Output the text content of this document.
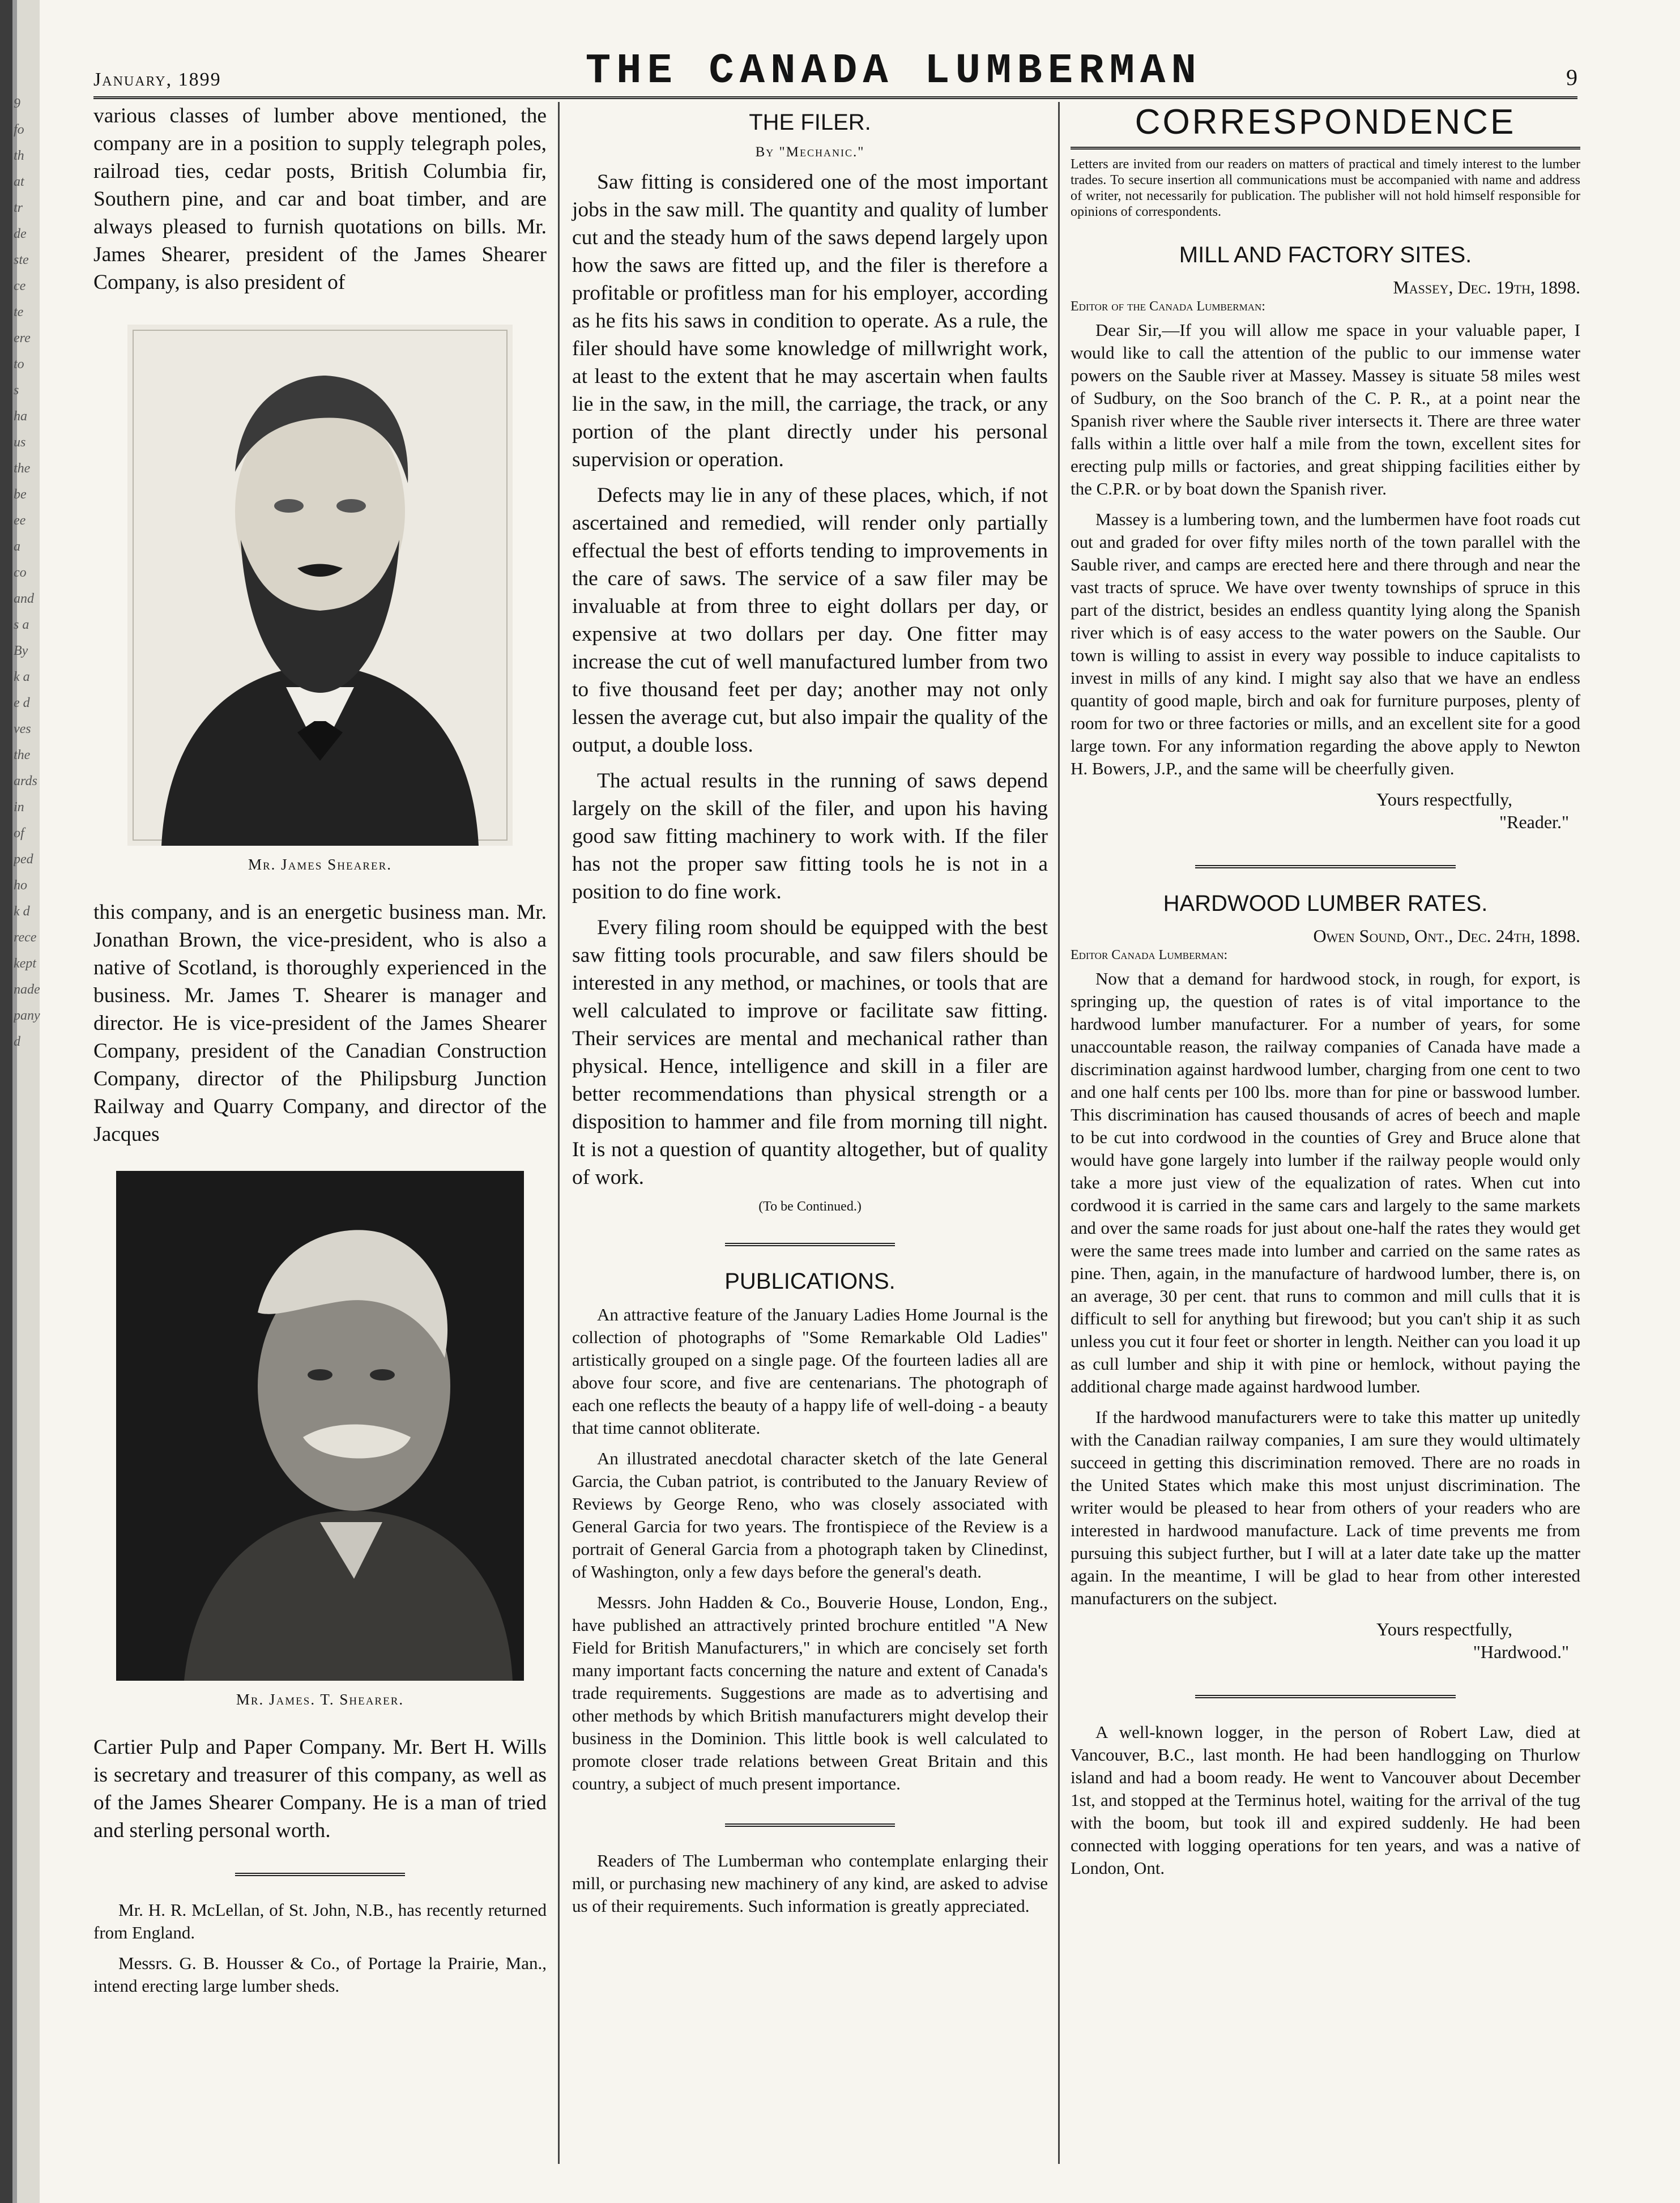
9
fo
th
at
tr
de
ste
ce
te
ere
to
s
ha
us
the
be
ee
a
co
and
s a
By
k a
e d
ves
the
ards
in
of
ped
ho
k d
rece
kept
nade
pany
d
January, 1899	THE CANADA LUMBERMAN	9

various classes of lumber above mentioned, the company are in a position to supply telegraph poles, railroad ties, cedar posts, British Columbia fir, Southern pine, and car and boat timber, and are always pleased to furnish quotations on bills. Mr. James Shearer, president of the James Shearer Company, is also president of

Mr. James Shearer.

this company, and is an energetic business man. Mr. Jonathan Brown, the vice-president, who is also a native of Scotland, is thoroughly experienced in the business. Mr. James T. Shearer is manager and director. He is vice-president of the James Shearer Company, president of the Canadian Construction Company, director of the Philipsburg Junction Railway and Quarry Company, and director of the Jacques

Mr. James. T. Shearer.

Cartier Pulp and Paper Company. Mr. Bert H. Wills is secretary and treasurer of this company, as well as of the James Shearer Company. He is a man of tried and sterling personal worth.

Mr. H. R. McLellan, of St. John, N.B., has recently returned from England.

Messrs. G. B. Housser & Co., of Portage la Prairie, Man., intend erecting large lumber sheds.

THE FILER.
By "Mechanic."

Saw fitting is considered one of the most important jobs in the saw mill. The quantity and quality of lumber cut and the steady hum of the saws depend largely upon how the saws are fitted up, and the filer is therefore a profitable or profitless man for his employer, according as he fits his saws in condition to operate. As a rule, the filer should have some knowledge of millwright work, at least to the extent that he may ascertain when faults lie in the saw, in the mill, the carriage, the track, or any portion of the plant directly under his personal supervision or operation.

Defects may lie in any of these places, which, if not ascertained and remedied, will render only partially effectual the best of efforts tending to improvements in the care of saws. The service of a saw filer may be invaluable at from three to eight dollars per day, or expensive at two dollars per day. One fitter may increase the cut of well manufactured lumber from two to five thousand feet per day; another may not only lessen the average cut, but also impair the quality of the output, a double loss.

The actual results in the running of saws depend largely on the skill of the filer, and upon his having good saw fitting machinery to work with. If the filer has not the proper saw fitting tools he is not in a position to do fine work.

Every filing room should be equipped with the best saw fitting tools procurable, and saw filers should be interested in any method, or machines, or tools that are well calculated to improve or facilitate saw fitting. Their services are mental and mechanical rather than physical. Hence, intelligence and skill in a filer are better recommendations than physical strength or a disposition to hammer and file from morning till night. It is not a question of quantity altogether, but of quality of work.

(To be Continued.)
PUBLICATIONS.

An attractive feature of the January Ladies Home Journal is the collection of photographs of "Some Remarkable Old Ladies" artistically grouped on a single page. Of the fourteen ladies all are above four score, and five are centenarians. The photograph of each one reflects the beauty of a happy life of well-doing - a beauty that time cannot obliterate.

An illustrated anecdotal character sketch of the late General Garcia, the Cuban patriot, is contributed to the January Review of Reviews by George Reno, who was closely associated with General Garcia for two years. The frontispiece of the Review is a portrait of General Garcia from a photograph taken by Clinedinst, of Washington, only a few days before the general's death.

Messrs. John Hadden & Co., Bouverie House, London, Eng., have published an attractively printed brochure entitled "A New Field for British Manufacturers," in which are concisely set forth many important facts concerning the nature and extent of Canada's trade requirements. Suggestions are made as to advertising and other methods by which British manufacturers might develop their business in the Dominion. This little book is well calculated to promote closer trade relations between Great Britain and this country, a subject of much present importance.

Readers of The Lumberman who contemplate enlarging their mill, or purchasing new machinery of any kind, are asked to advise us of their requirements. Such information is greatly appreciated.

CORRESPONDENCE

Letters are invited from our readers on matters of practical and timely interest to the lumber trades. To secure insertion all communications must be accompanied with name and address of writer, not necessarily for publication. The publisher will not hold himself responsible for opinions of correspondents.

MILL AND FACTORY SITES.
Massey, Dec. 19th, 1898.
Editor of the Canada Lumberman:

Dear Sir,—If you will allow me space in your valuable paper, I would like to call the attention of the public to our immense water powers on the Sauble river at Massey. Massey is situate 58 miles west of Sudbury, on the Soo branch of the C. P. R., at a point near the Spanish river where the Sauble river intersects it. There are three water falls within a little over half a mile from the town, excellent sites for erecting pulp mills or factories, and great shipping facilities either by the C.P.R. or by boat down the Spanish river.

Massey is a lumbering town, and the lumbermen have foot roads cut out and graded for over fifty miles north of the town parallel with the Sauble river, and camps are erected here and there through and near the vast tracts of spruce. We have over twenty townships of spruce in this part of the district, besides an endless quantity lying along the Spanish river which is of easy access to the water powers on the Sauble. Our town is willing to assist in every way possible to induce capitalists to invest in mills of any kind. I might say also that we have an endless quantity of good maple, birch and oak for furniture purposes, plenty of room for two or three factories or mills, and an excellent site for a good large town. For any information regarding the above apply to Newton H. Bowers, J.P., and the same will be cheerfully given.

Yours respectfully,
"Reader."
HARDWOOD LUMBER RATES.
Owen Sound, Ont., Dec. 24th, 1898.
Editor Canada Lumberman:

Now that a demand for hardwood stock, in rough, for export, is springing up, the question of rates is of vital importance to the hardwood lumber manufacturer. For a number of years, for some unaccountable reason, the railway companies of Canada have made a discrimination against hardwood lumber, charging from one cent to two and one half cents per 100 lbs. more than for pine or basswood lumber. This discrimination has caused thousands of acres of beech and maple to be cut into cordwood in the counties of Grey and Bruce alone that would have gone largely into lumber if the railway people would only take a more just view of the equalization of rates. When cut into cordwood it is carried in the same cars and largely to the same markets and over the same roads for just about one-half the rates they would get were the same trees made into lumber and carried on the same rates as pine. Then, again, in the manufacture of hardwood lumber, there is, on an average, 30 per cent. that runs to common and mill culls that it is difficult to sell for anything but firewood; but you can't ship it as such unless you cut it four feet or shorter in length. Neither can you load it up as cull lumber and ship it with pine or hemlock, without paying the additional charge made against hardwood lumber.

If the hardwood manufacturers were to take this matter up unitedly with the Canadian railway companies, I am sure they would ultimately succeed in getting this discrimination removed. There are no roads in the United States which make this most unjust discrimination. The writer would be pleased to hear from others of your readers who are interested in hardwood manufacture. Lack of time prevents me from pursuing this subject further, but I will at a later date take up the matter again. In the meantime, I will be glad to hear from other interested manufacturers on the subject.

Yours respectfully,
"Hardwood."

A well-known logger, in the person of Robert Law, died at Vancouver, B.C., last month. He had been handlogging on Thurlow island and had a boom ready. He went to Vancouver about December 1st, and stopped at the Terminus hotel, waiting for the arrival of the tug with the boom, but took ill and expired suddenly. He had been connected with logging operations for ten years, and was a native of London, Ont.
